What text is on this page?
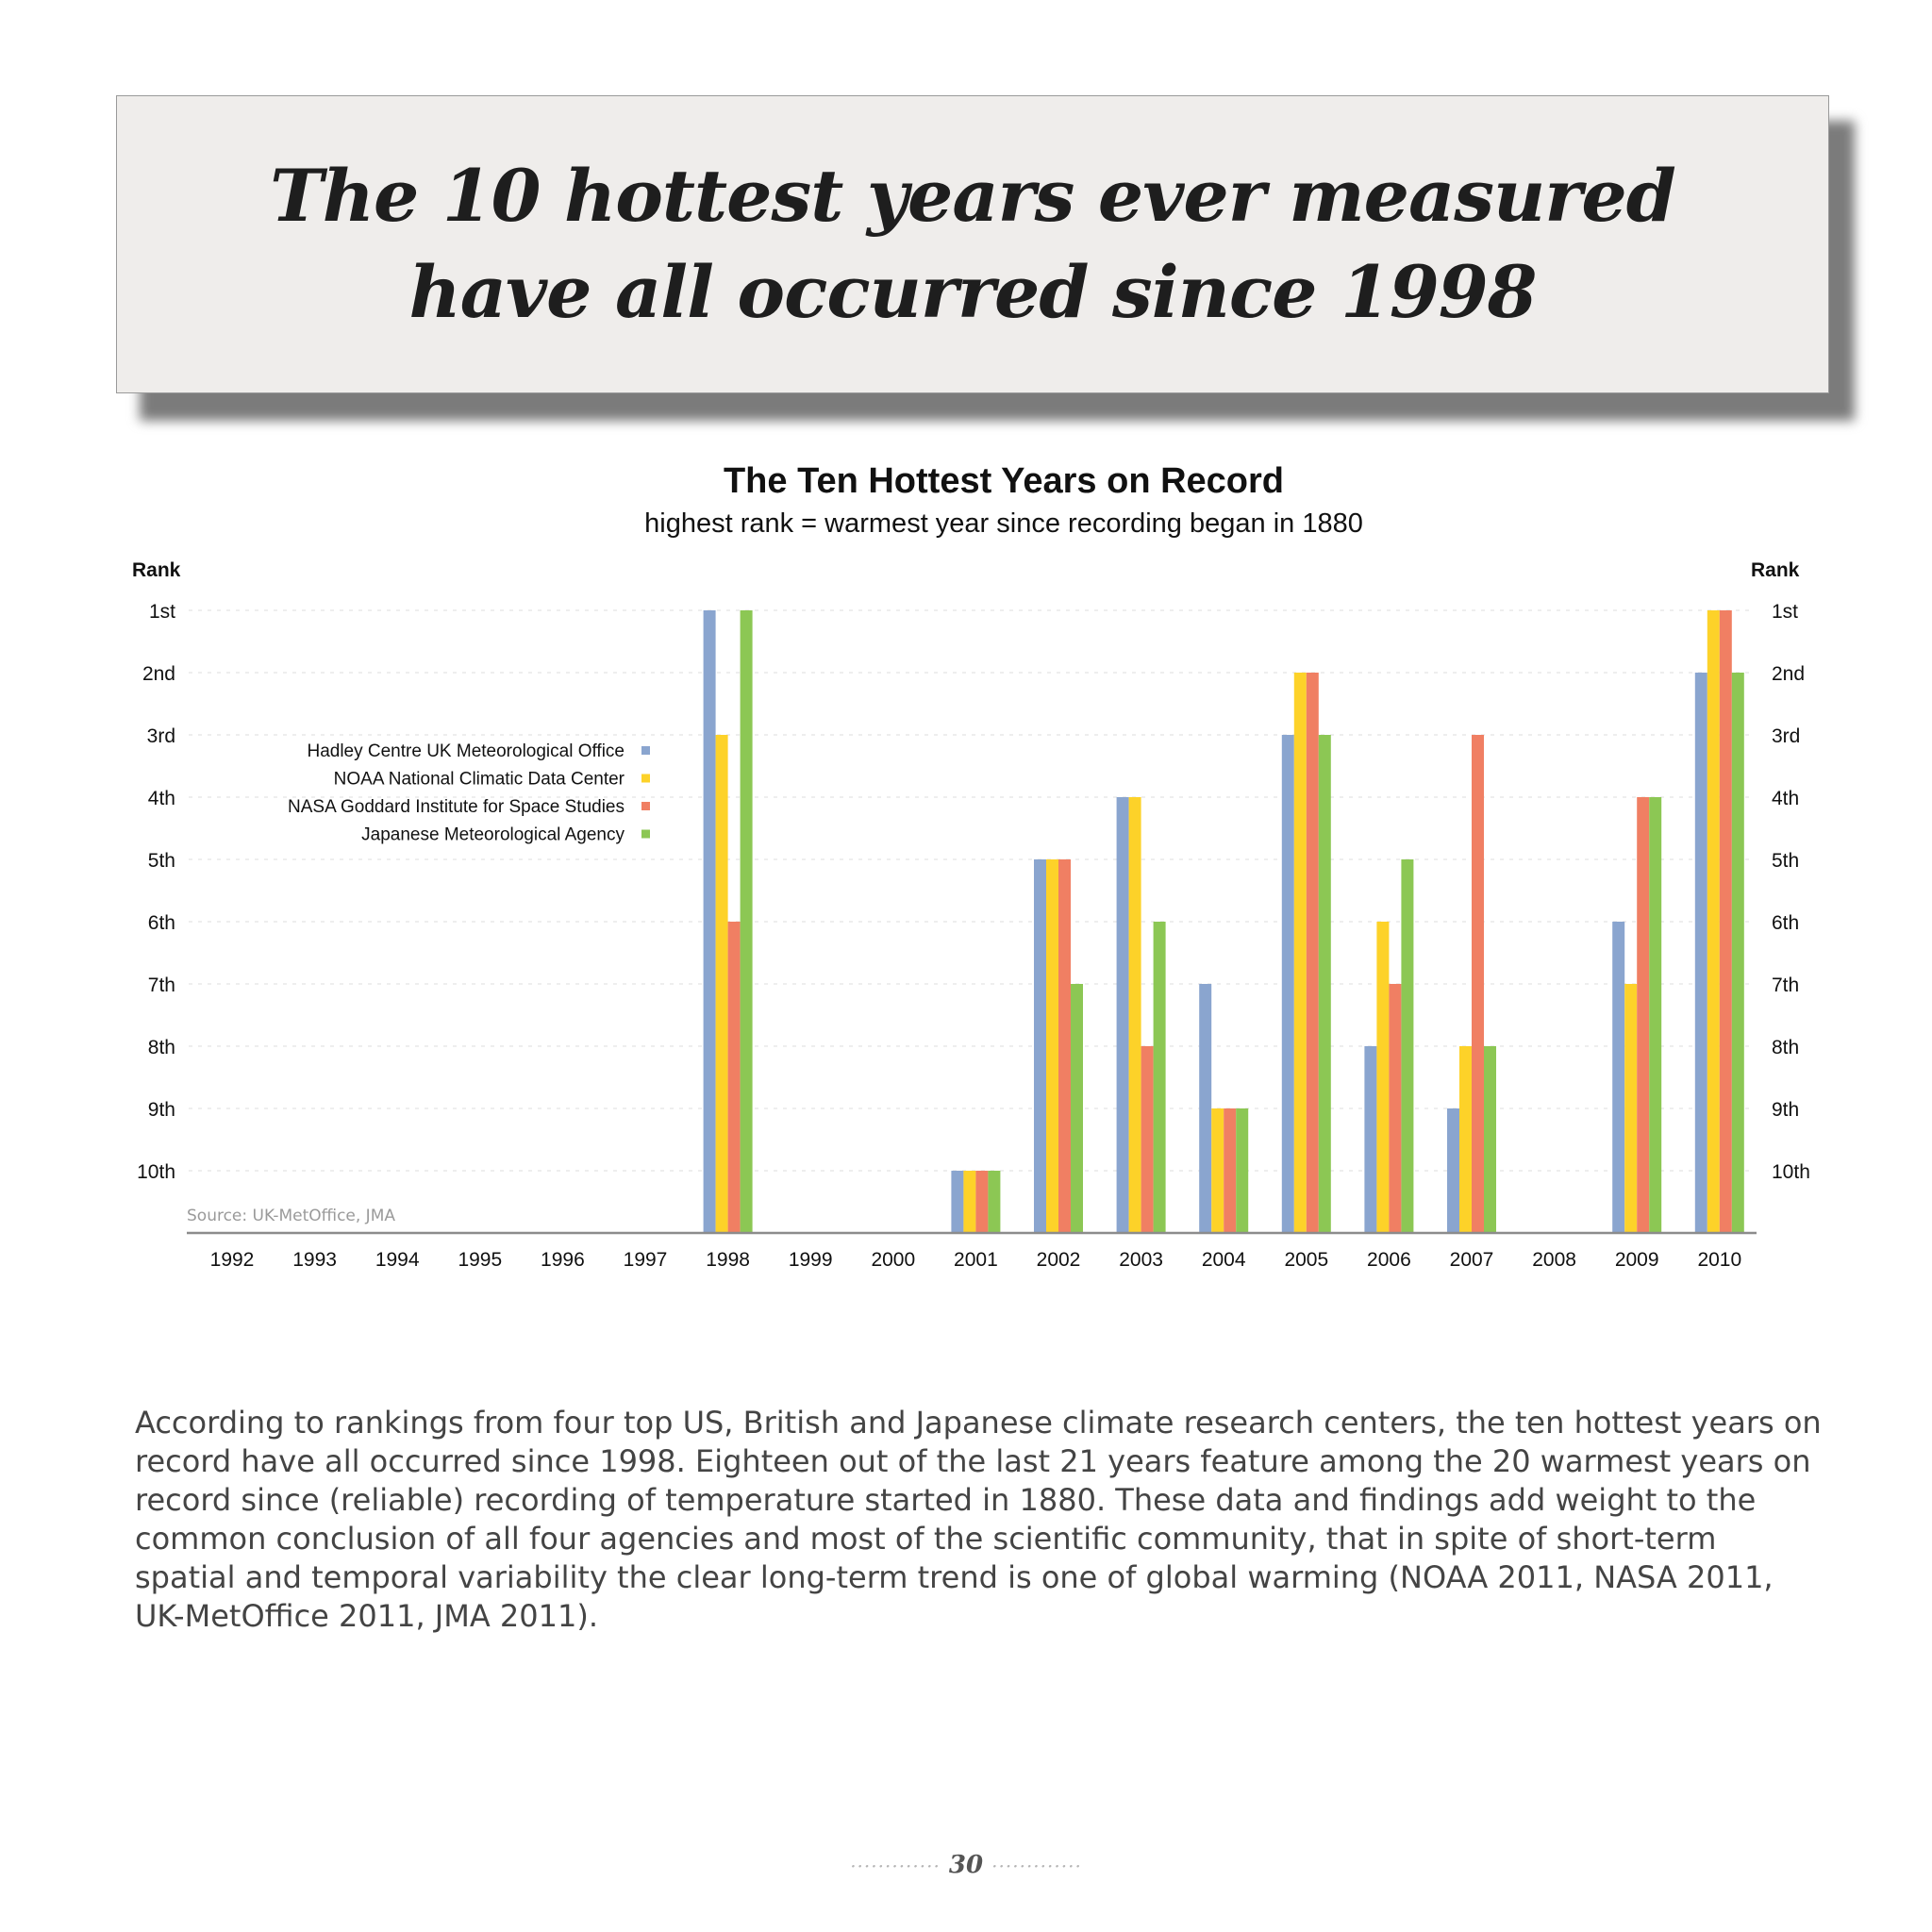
The 10 hottest years ever measured
have all occurred since 1998
The Ten Hottest Years on Record
highest rank = warmest year since recording began in 1880
Rank	Rank
1st	1st
2nd	2nd
3rd	3rd
4th	4th
5th	5th
6th	6th
7th	7th
8th	8th
9th	9th
10th	10th
1992 1993 1994 1995 1996 1997 1998 1999 2000 2001 2002 2003 2004 2005 2006 2007 2008 2009 2010
Hadley Centre UK Meteorological Office
NOAA National Climatic Data Center
NASA Goddard Institute for Space Studies
Japanese Meteorological Agency
Source: UK-MetOffice, JMA

According to rankings from four top US, British and Japanese climate research centers, the ten hottest years on record have all occurred since 1998. Eighteen out of the last 21 years feature among the 20 warmest years on record since (reliable) recording of temperature started in 1880. These data and findings add weight to the common conclusion of all four agencies and most of the scientific community, that in spite of short-term spatial and temporal variability the clear long-term trend is one of global warming (NOAA 2011, NASA 2011, UK-MetOffice 2011, JMA 2011).

············· 30 ·············
